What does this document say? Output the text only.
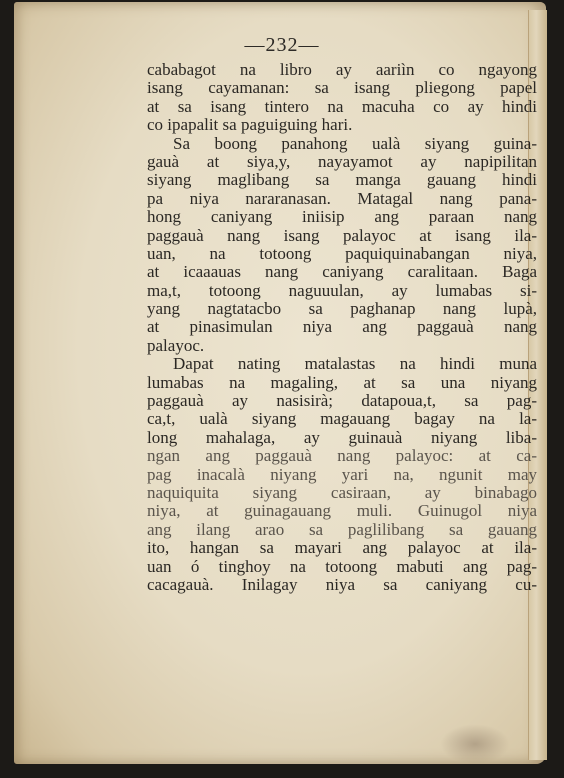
—232—
cababagot na libro ay aariìn co ngayong
isang cayamanan: sa isang pliegong papel
at sa isang tintero na macuha co ay hindi
co ipapalit sa paguiguing hari.
Sa boong panahong ualà siyang guina-
gauà at siya,y, nayayamot ay napipilitan
siyang maglibang sa manga gauang hindi
pa niya nararanasan. Matagal nang pana-
hong caniyang iniisip ang paraan nang
paggauà nang isang palayoc at isang ila-
uan, na totoong paquiquinabangan niya,
at icaaauas nang caniyang caralitaan. Baga
ma,t, totoong naguuulan, ay lumabas si-
yang nagtatacbo sa paghanap nang lupà,
at pinasimulan niya ang paggauà nang
palayoc.
Dapat nating matalastas na hindi muna
lumabas na magaling, at sa una niyang
paggauà ay nasisirà; datapoua,t, sa pag-
ca,t, ualà siyang magauang bagay na la-
long mahalaga, ay guinauà niyang liba-
ngan ang paggauà nang palayoc: at ca-
pag inacalà niyang yari na, ngunit may
naquiquita siyang casiraan, ay binabago
niya, at guinagauang muli. Guinugol niya
ang ilang arao sa paglilibang sa gauang
ito, hangan sa mayari ang palayoc at ila-
uan ó tinghoy na totoong mabuti ang pag-
cacagauà. Inilagay niya sa caniyang cu-
